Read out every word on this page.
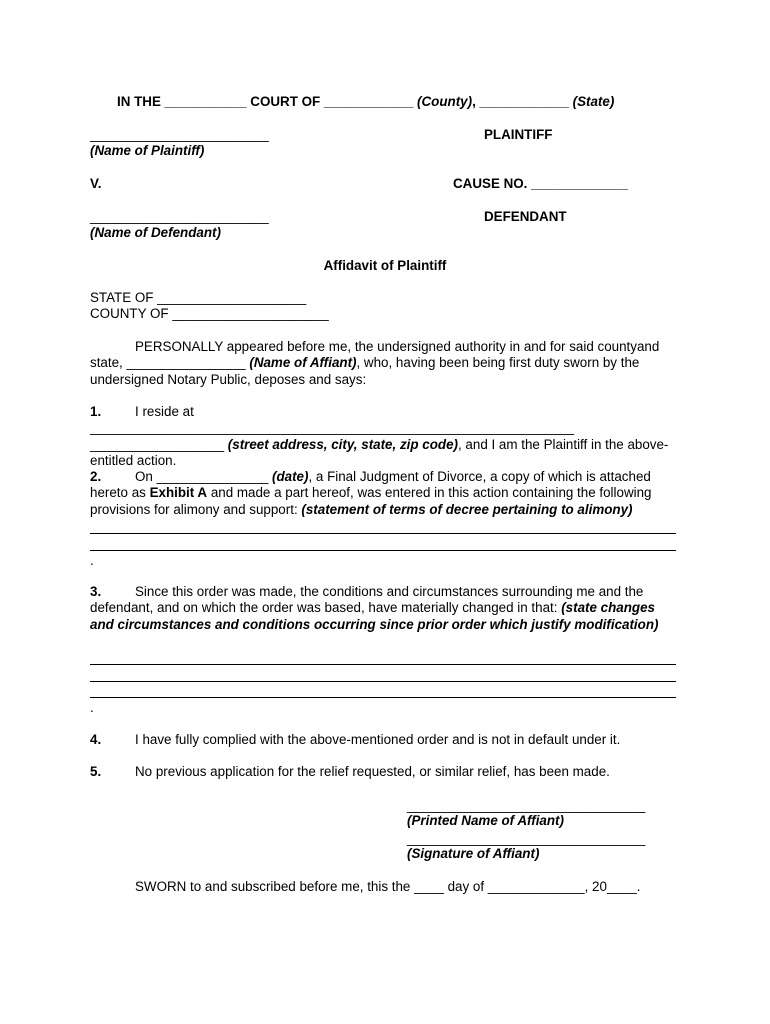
IN THE ___________ COURT OF ____________ (County), ____________ (State)
________________________	PLAINTIFF
(Name of Plaintiff)
V.	CAUSE NO. _____________
________________________	DEFENDANT
(Name of Defendant)
Affidavit of Plaintiff
STATE OF ____________________
COUNTY OF _____________________

PERSONALLY appeared before me, the undersigned authority in and for said countyand state, ________________ (Name of Affiant), who, having been being first duty sworn by the undersigned Notary Public, deposes and says:

1.	I reside at _________________________________________________________________ __________________ (street address, city, state, zip code), and I am the Plaintiff in the above-entitled action.

2.	On _______________ (date), a Final Judgment of Divorce, a copy of which is attached hereto as Exhibit A and made a part hereof, was entered in this action containing the following provisions for alimony and support: (statement of terms of decree pertaining to alimony)

.

3.	Since this order was made, the conditions and circumstances surrounding me and the defendant, and on which the order was based, have materially changed in that: (state changes and circumstances and conditions occurring since prior order which justify modification)

.

4.	I have fully complied with the above-mentioned order and is not in default under it.

5.	No previous application for the relief requested, or similar relief, has been made.

________________________________
(Printed Name of Affiant)
________________________________
(Signature of Affiant)
SWORN to and subscribed before me, this the ____ day of _____________, 20____.
